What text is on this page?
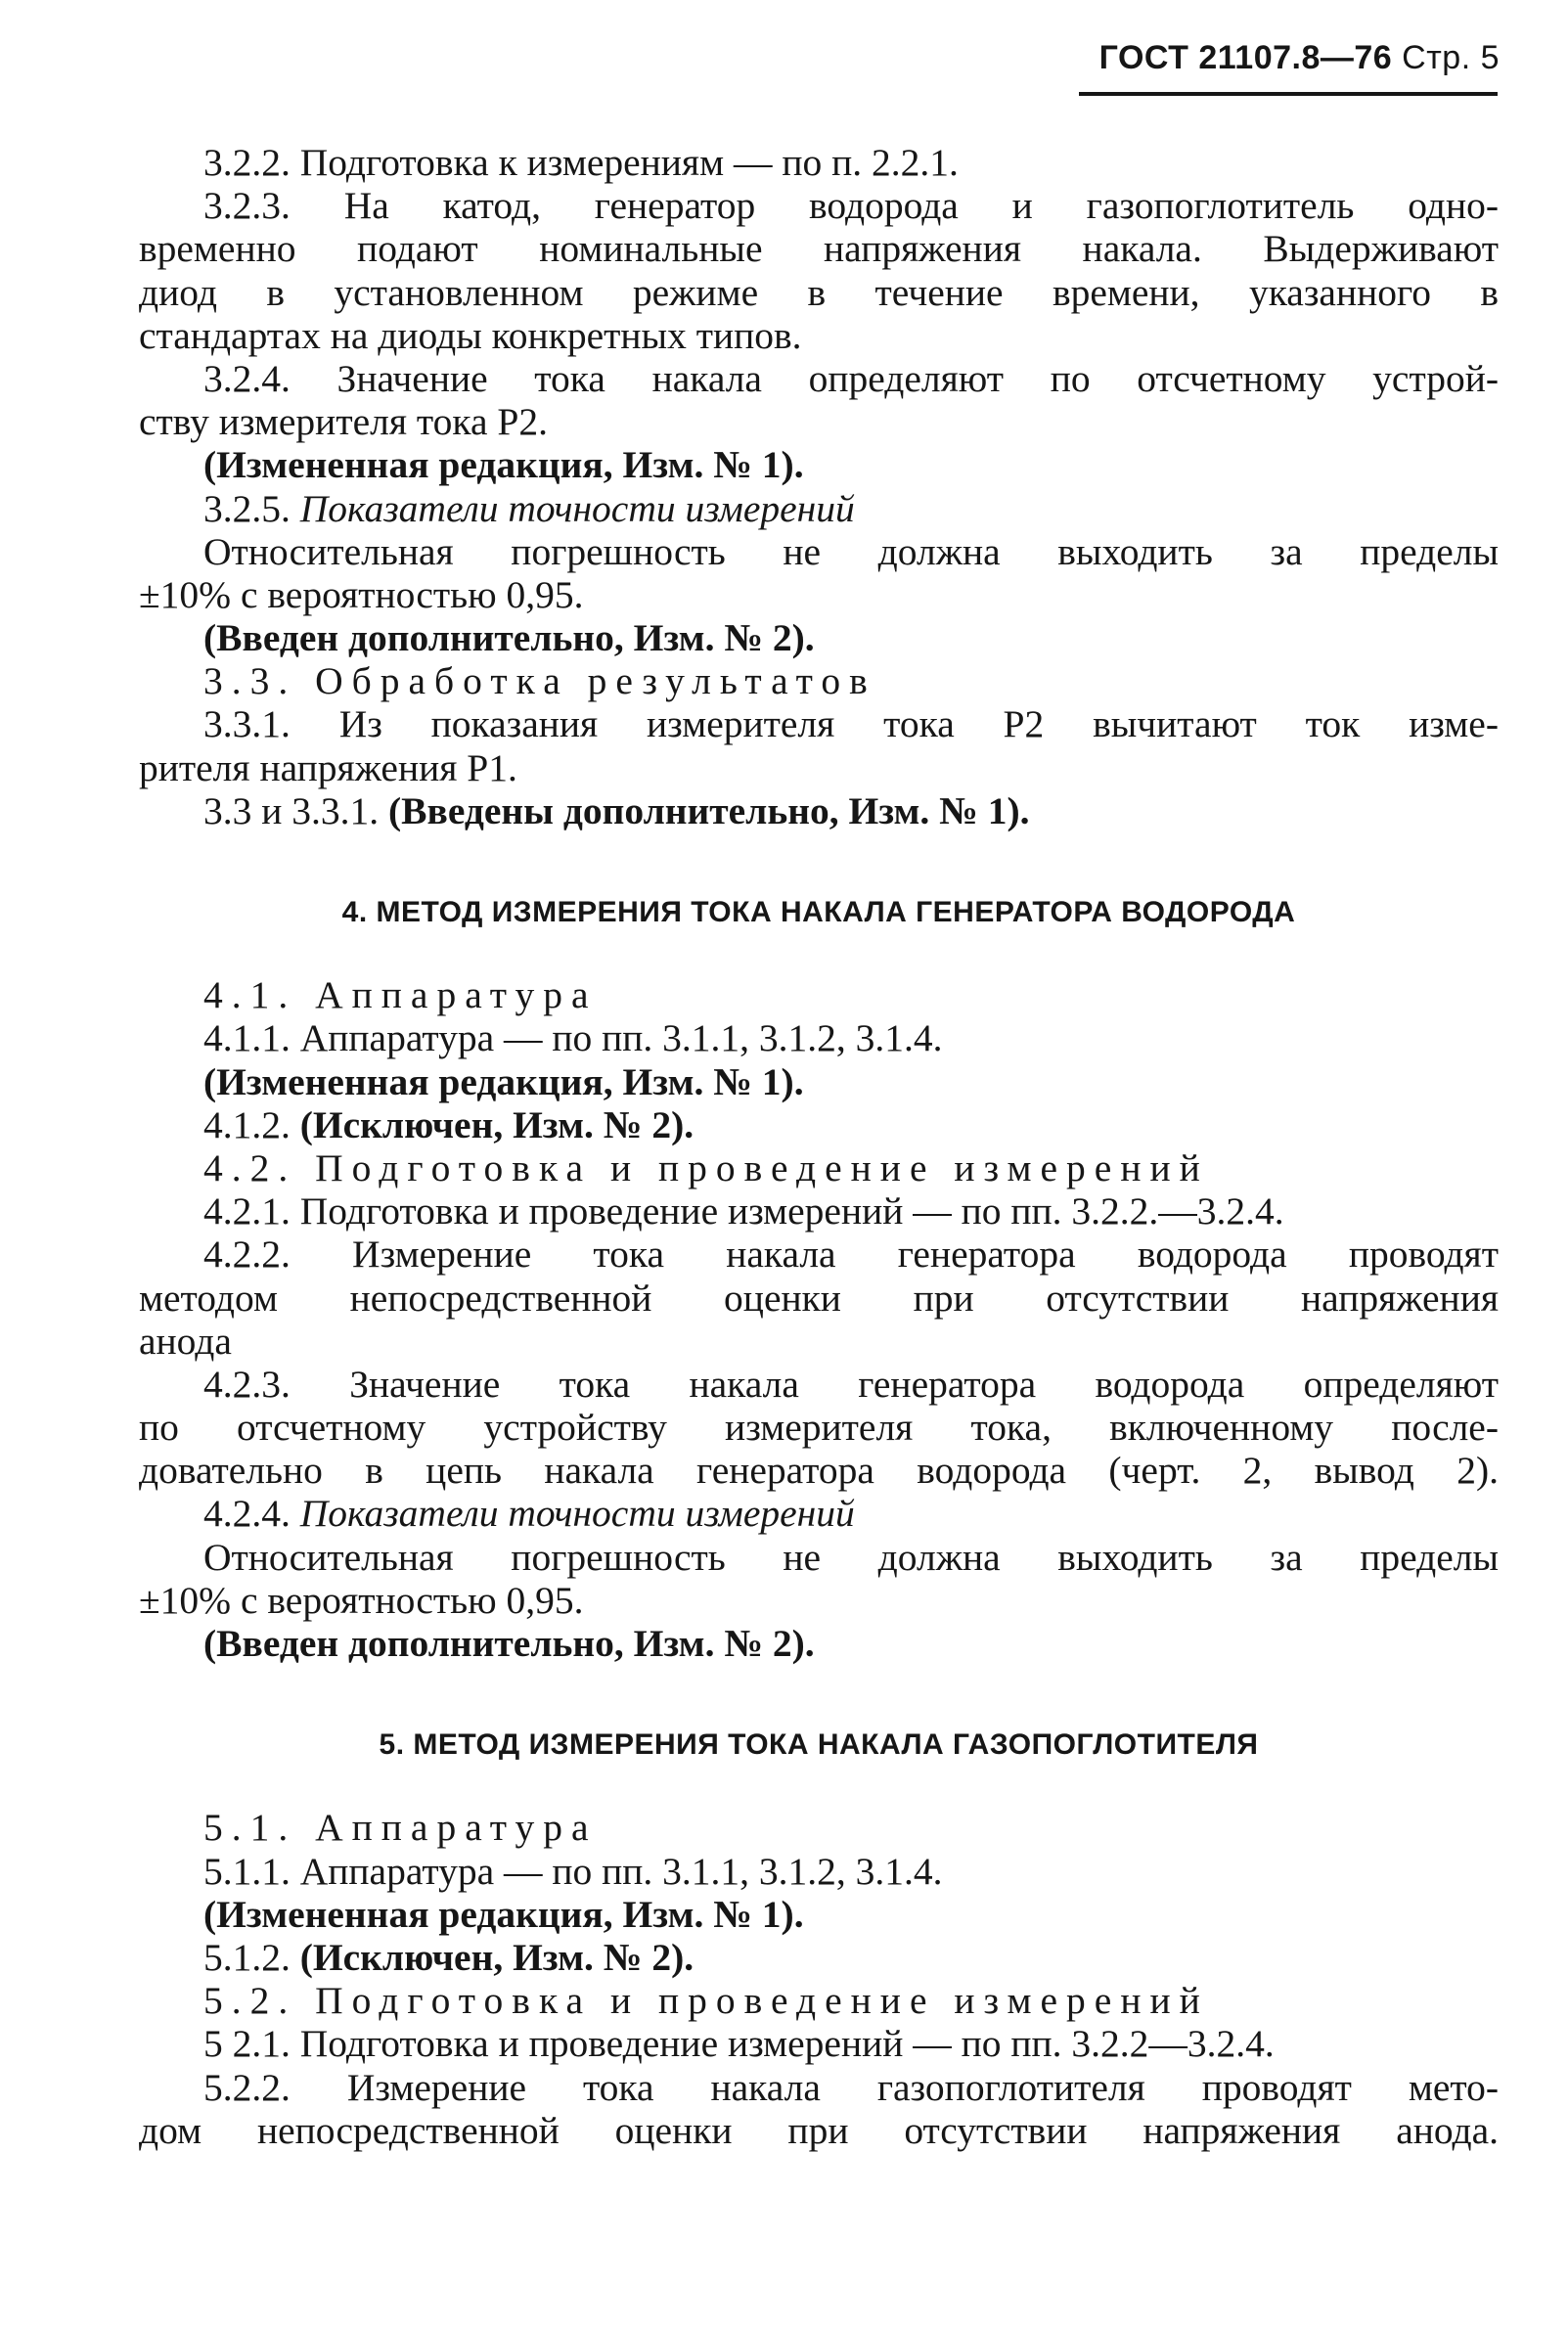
ГОСТ 21107.8—76 Стр. 5
3.2.2. Подготовка к измерениям — по п. 2.2.1.
3.2.3. На катод, генератор водорода и газопоглотитель одно-
временно подают номинальные напряжения накала. Выдерживают
диод в установленном режиме в течение времени, указанного в
стандартах на диоды конкретных типов.
3.2.4. Значение тока накала определяют по отсчетному устрой-
ству измерителя тока Р2.
(Измененная редакция, Изм. № 1).
3.2.5. Показатели точности измерений
Относительная погрешность не должна выходить за пределы
±10% с вероятностью 0,95.
(Введен дополнительно, Изм. № 2).
3.3. Обработка результатов
3.3.1. Из показания измерителя тока Р2 вычитают ток изме-
рителя напряжения Р1.
3.3 и 3.3.1. (Введены дополнительно, Изм. № 1).
4. МЕТОД ИЗМЕРЕНИЯ ТОКА НАКАЛА ГЕНЕРАТОРА ВОДОРОДА
4.1. Аппаратура
4.1.1. Аппаратура — по пп. 3.1.1, 3.1.2, 3.1.4.
(Измененная редакция, Изм. № 1).
4.1.2. (Исключен, Изм. № 2).
4.2. Подготовка и проведение измерений
4.2.1. Подготовка и проведение измерений — по пп. 3.2.2.—3.2.4.
4.2.2. Измерение тока накала генератора водорода проводят
методом непосредственной оценки при отсутствии напряжения
анода
4.2.3. Значение тока накала генератора водорода определяют
по отсчетному устройству измерителя тока, включенному после-
довательно в цепь накала генератора водорода (черт. 2, вывод 2).
4.2.4. Показатели точности измерений
Относительная погрешность не должна выходить за пределы
±10% с вероятностью 0,95.
(Введен дополнительно, Изм. № 2).
5. МЕТОД ИЗМЕРЕНИЯ ТОКА НАКАЛА ГАЗОПОГЛОТИТЕЛЯ
5.1. Аппаратура
5.1.1. Аппаратура — по пп. 3.1.1, 3.1.2, 3.1.4.
(Измененная редакция, Изм. № 1).
5.1.2. (Исключен, Изм. № 2).
5.2. Подготовка и проведение измерений
5 2.1. Подготовка и проведение измерений — по пп. 3.2.2—3.2.4.
5.2.2. Измерение тока накала газопоглотителя проводят мето-
дом непосредственной оценки при отсутствии напряжения анода.
